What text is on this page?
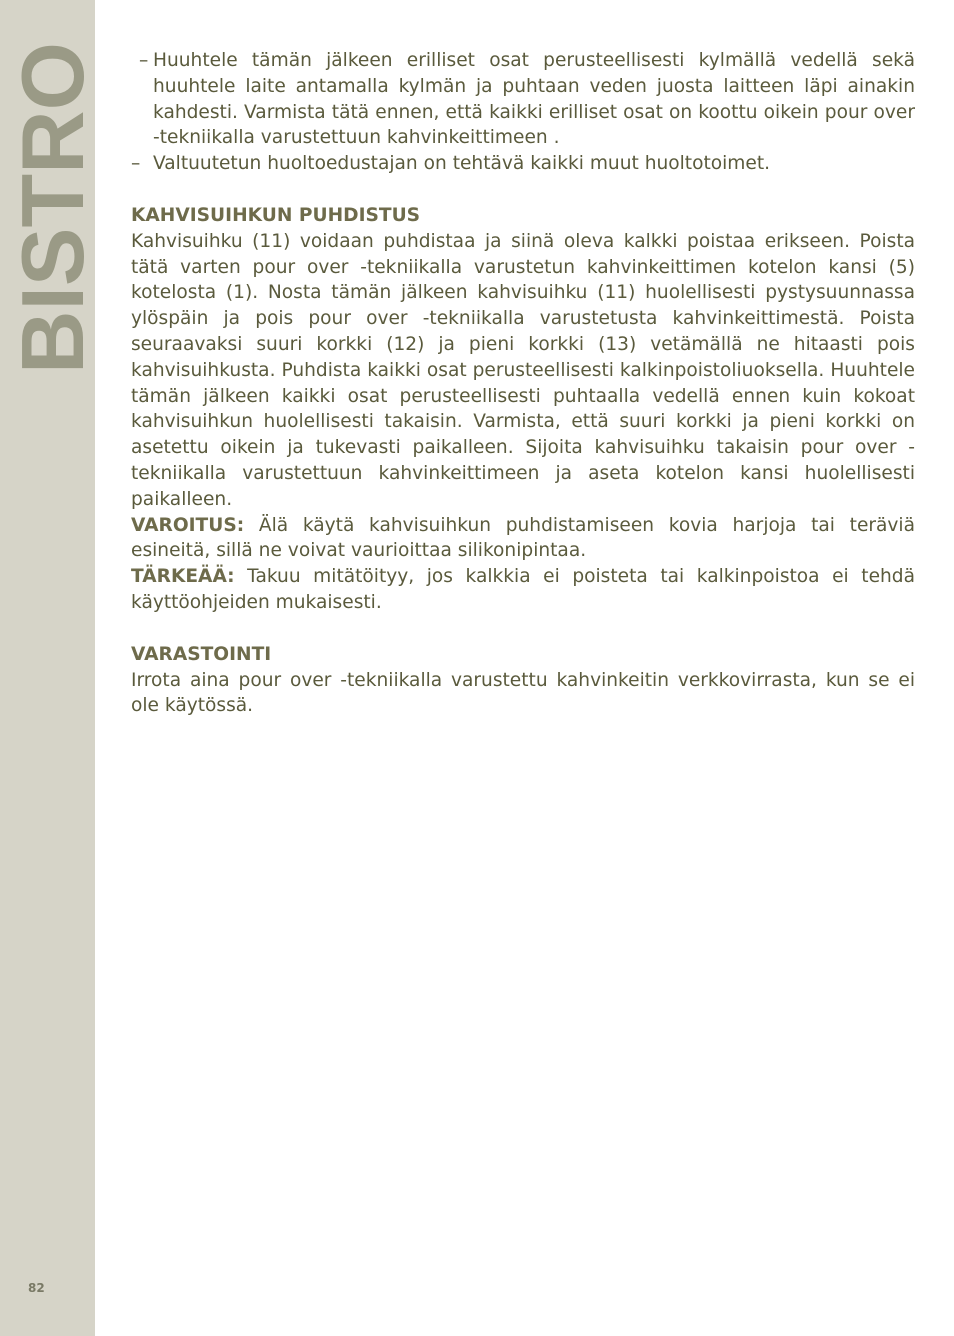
BISTRO
82

– Huuhtele tämän jälkeen erilliset osat perusteellisesti kylmällä vedellä sekä huuhtele laite antamalla kylmän ja puhtaan veden juosta laitteen läpi ainakin kahdesti. Varmista tätä ennen, että kaikki erilliset osat on koottu oikein pour over -tekniikalla varustettuun kahvinkeittimeen .

– Valtuutetun huoltoedustajan on tehtävä kaikki muut huoltotoimet.

KAHVISUIHKUN PUHDISTUS

Kahvisuihku (11) voidaan puhdistaa ja siinä oleva kalkki poistaa erikseen. Poista tätä varten pour over -tekniikalla varustetun kahvinkeittimen kotelon kansi (5) kotelosta (1). Nosta tämän jälkeen kahvisuihku (11) huolellisesti pystysuunnassa ylöspäin ja pois pour over -tekniikalla varustetusta kahvinkeittimestä. Poista seuraavaksi suuri korkki (12) ja pieni korkki (13) vetämällä ne hitaasti pois kahvisuihkusta. Puhdista kaikki osat perusteellisesti kalkinpoistoliuoksella. Huuhtele tämän jälkeen kaikki osat perusteellisesti puhtaalla vedellä ennen kuin kokoat kahvisuihkun huolellisesti takaisin. Varmista, että suuri korkki ja pieni korkki on asetettu oikein ja tukevasti paikalleen. Sijoita kahvisuihku takaisin pour over -tekniikalla varustettuun kahvinkeittimeen ja aseta kotelon kansi huolellisesti paikalleen.

VAROITUS: Älä käytä kahvisuihkun puhdistamiseen kovia harjoja tai teräviä esineitä, sillä ne voivat vaurioittaa silikonipintaa.

TÄRKEÄÄ: Takuu mitätöityy, jos kalkkia ei poisteta tai kalkinpoistoa ei tehdä käyttöohjeiden mukaisesti.

VARASTOINTI

Irrota aina pour over -tekniikalla varustettu kahvinkeitin verkkovirrasta, kun se ei ole käytössä.
